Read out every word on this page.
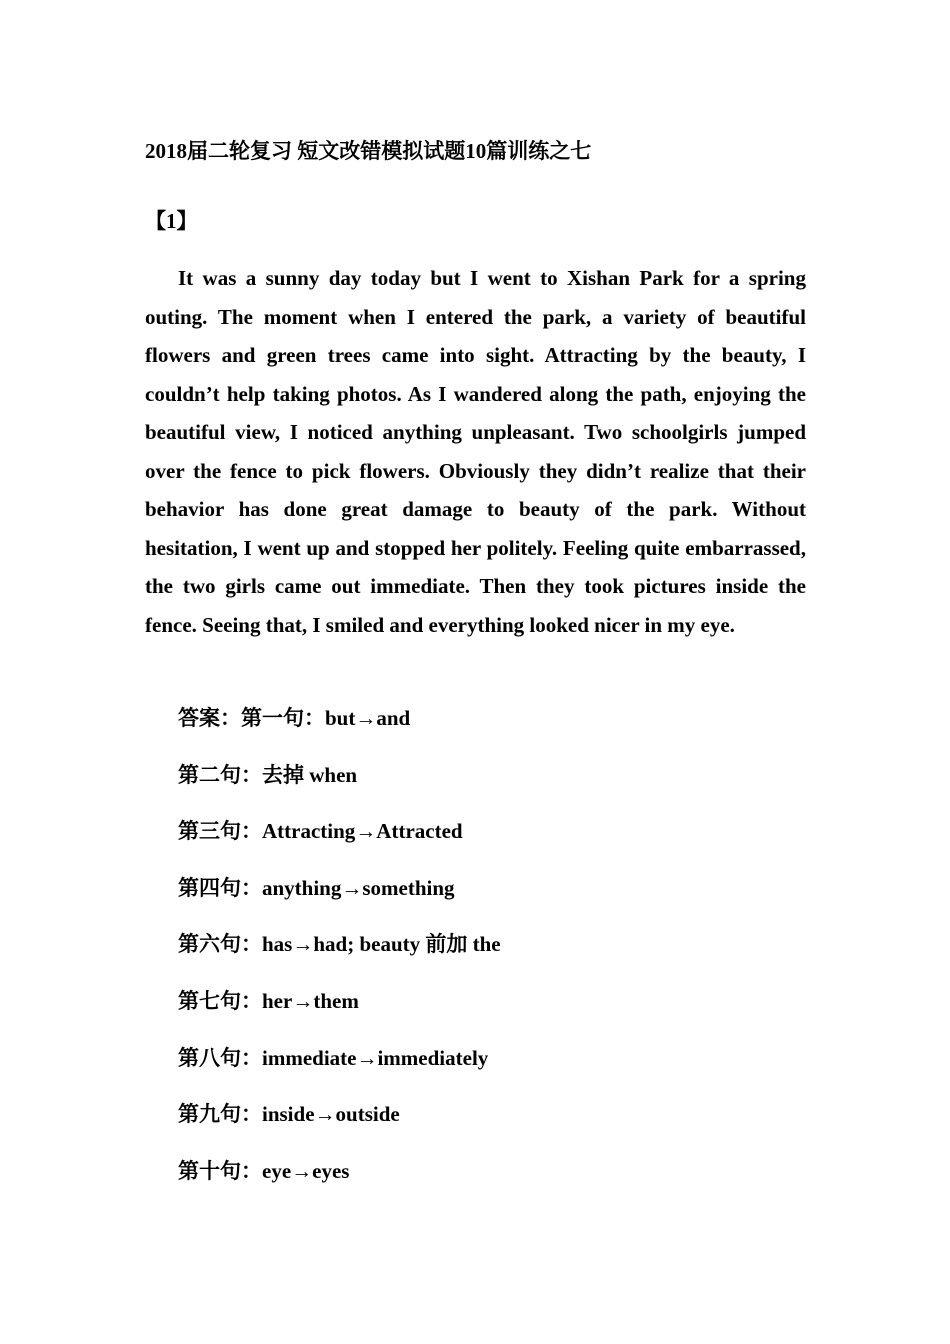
2018届二轮复习 短文改错模拟试题10篇训练之七
【1】

It was a sunny day today but I went to Xishan Park for a spring outing. The moment when I entered the park, a variety of beautiful flowers and green trees came into sight. Attracting by the beauty, I couldn’t help taking photos. As I wandered along the path, enjoying the beautiful view, I noticed anything unpleasant. Two schoolgirls jumped over the fence to pick flowers. Obviously they didn’t realize that their behavior has done great damage to beauty of the park. Without hesitation, I went up and stopped her politely. Feeling quite embarrassed, the two girls came out immediate. Then they took pictures inside the fence. Seeing that, I smiled and everything looked nicer in my eye.

答案：第一句：but→and
第二句：去掉 when
第三句：Attracting→Attracted
第四句：anything→something
第六句：has→had; beauty 前加 the
第七句：her→them
第八句：immediate→immediately
第九句：inside→outside
第十句：eye→eyes
